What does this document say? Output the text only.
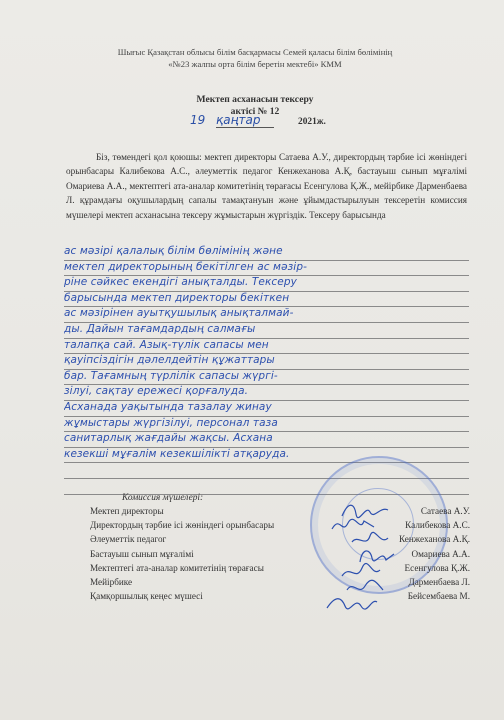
Шығыс Қазақстан облысы білім басқармасы Семей қаласы білім бөлімінің
«№23 жалпы орта білім беретін мектебі» КММ
Мектеп асханасын тексеру
актісі № 12
19 қаңтар	2021ж.
Біз, төмендегі қол қоюшы: мектеп директоры Сатаева А.У., директордың тәрбие ісі жөніндегі орынбасары Калибекова А.С., әлеуметтік педагог Кенжеханова А.Қ, бастауыш сынып мұғалімі Омариева А.А., мектептегі ата-аналар комитетінің төрағасы Есенгулова Қ.Ж., мейірбике Дарменбаева Л. құрамдағы оқушылардың сапалы тамақтануын және ұйымдастырылуын тексеретін комиссия мүшелері мектеп асханасына тексеру жұмыстарын жүргіздік. Тексеру барысында
ас мәзірі қалалық білім бөлімінің және
мектеп директорының бекітілген ас мәзір-
ріне сәйкес екендігі анықталды. Тексеру
барысында мектеп директоры бекіткен
ас мәзірінен ауытқушылық анықталмай-
ды. Дайын тағамдардың салмағы
талапқа сай. Азық-түлік сапасы мен
қауіпсіздігін дәлелдейтін құжаттары
бар. Тағамның түрлілік сапасы жүргі-
зілуі, сақтау ережесі қорғалуда.
Асханада уақытында тазалау жинау
жұмыстары жүргізілуі, персонал таза
санитарлық жағдайы жақсы. Асхана
кезекші мұғалім кезекшілікті атқаруда.
Комиссия мүшелері:
Мектеп директоры	Сатаева А.У.
Директордың тәрбие ісі жөніндегі орынбасары	Калибекова А.С.
Әлеуметтік педагог	Кенжеханова А.Қ.
Бастауыш сынып мұғалімі	Омариева А.А.
Мектептегі ата-аналар комитетінің төрағасы	Есенгулова Қ.Ж.
Мейірбике	Дарменбаева Л.
Қамқоршылық кеңес мүшесі	Бейсембаева М.
